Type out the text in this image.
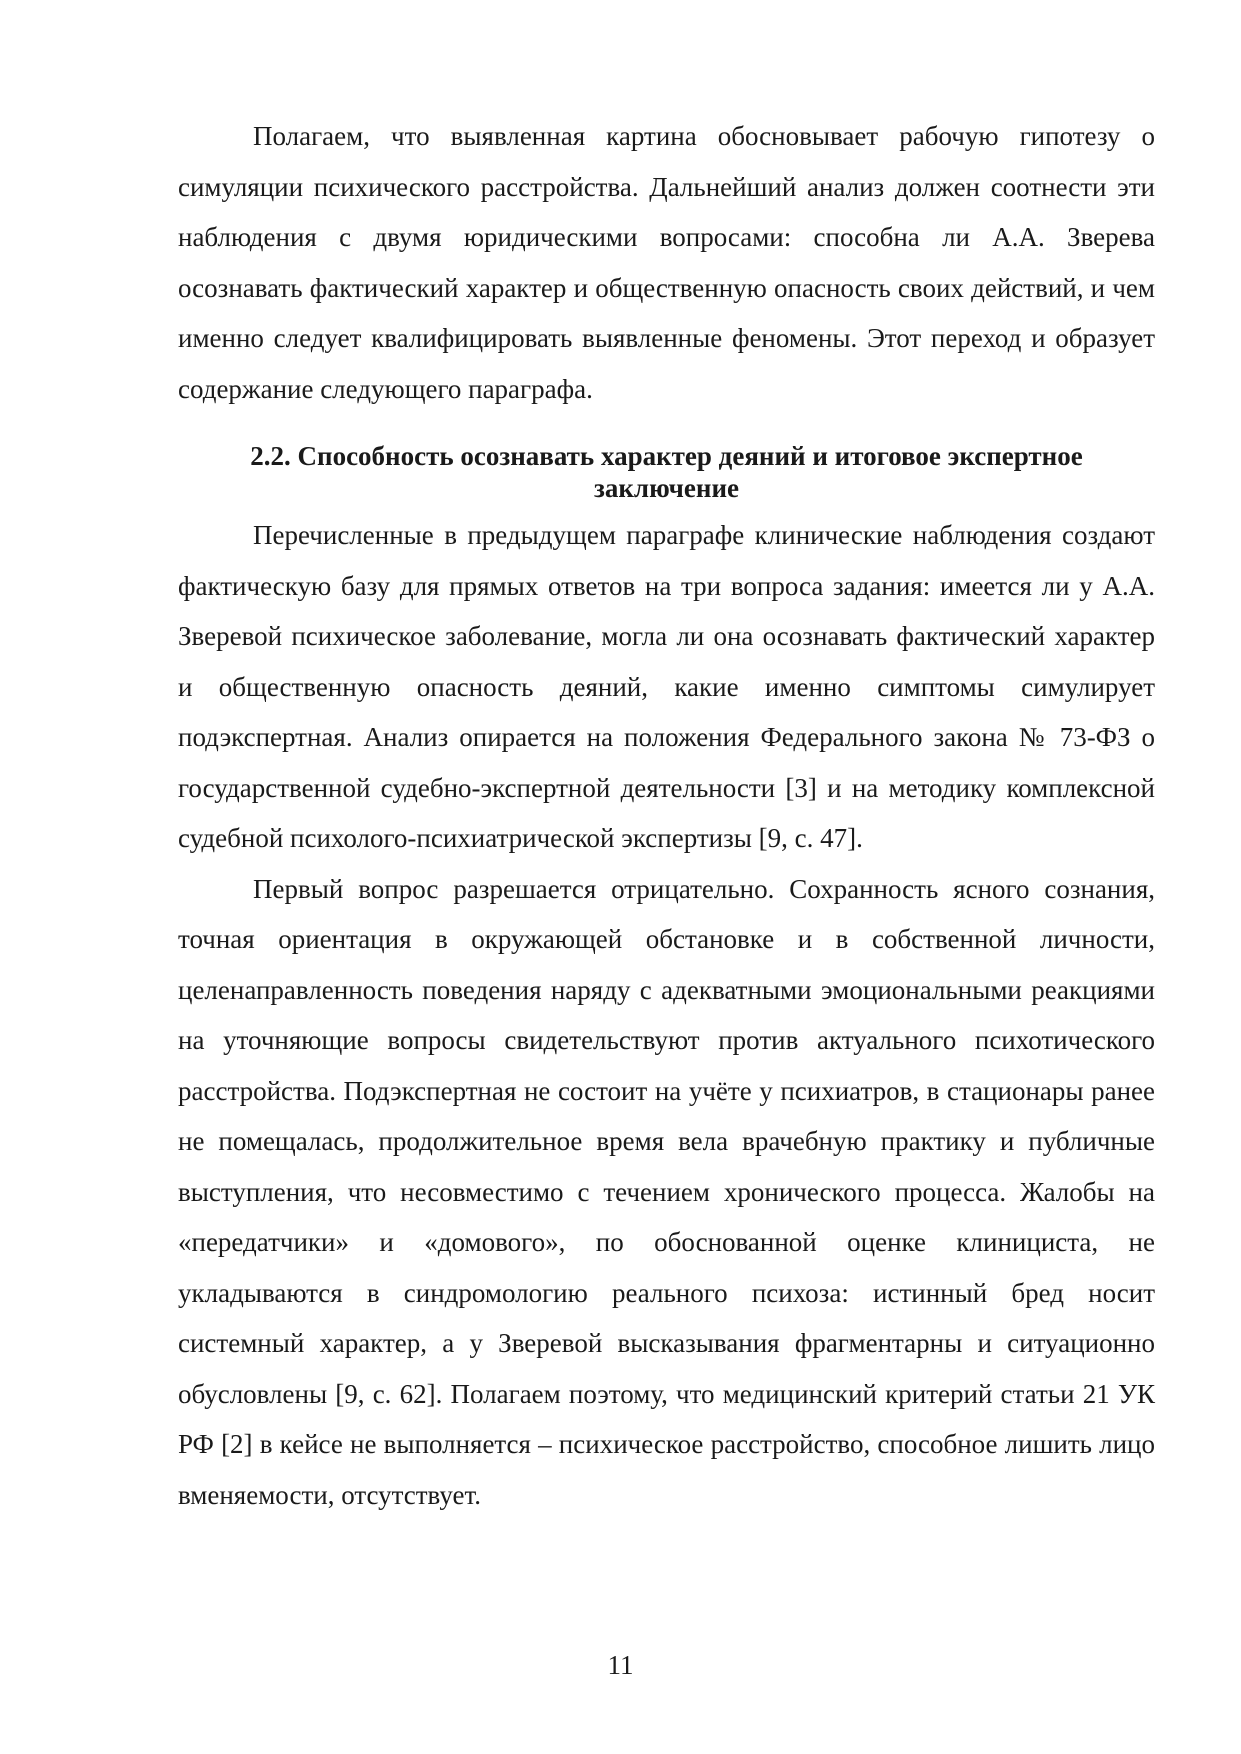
Полагаем, что выявленная картина обосновывает рабочую гипотезу о симуляции психического расстройства. Дальнейший анализ должен соотнести эти наблюдения с двумя юридическими вопросами: способна ли А.А. Зверева осознавать фактический характер и общественную опасность своих действий, и чем именно следует квалифицировать выявленные феномены. Этот переход и образует содержание следующего параграфа.

2.2. Способность осознавать характер деяний и итоговое экспертное
заключение

Перечисленные в предыдущем параграфе клинические наблюдения создают фактическую базу для прямых ответов на три вопроса задания: имеется ли у А.А. Зверевой психическое заболевание, могла ли она осознавать фактический характер и общественную опасность деяний, какие именно симптомы симулирует подэкспертная. Анализ опирается на положения Федерального закона № 73-ФЗ о государственной судебно-экспертной деятельности [3] и на методику комплексной судебной психолого-психиатрической экспертизы [9, с. 47].

Первый вопрос разрешается отрицательно. Сохранность ясного сознания, точная ориентация в окружающей обстановке и в собственной личности, целенаправленность поведения наряду с адекватными эмоциональными реакциями на уточняющие вопросы свидетельствуют против актуального психотического расстройства. Подэкспертная не состоит на учёте у психиатров, в стационары ранее не помещалась, продолжительное время вела врачебную практику и публичные выступления, что несовместимо с течением хронического процесса. Жалобы на «передатчики» и «домового», по обоснованной оценке клинициста, не укладываются в синдромологию реального психоза: истинный бред носит системный характер, а у Зверевой высказывания фрагментарны и ситуационно обусловлены [9, с. 62]. Полагаем поэтому, что медицинский критерий статьи 21 УК РФ [2] в кейсе не выполняется – психическое расстройство, способное лишить лицо вменяемости, отсутствует.

11
